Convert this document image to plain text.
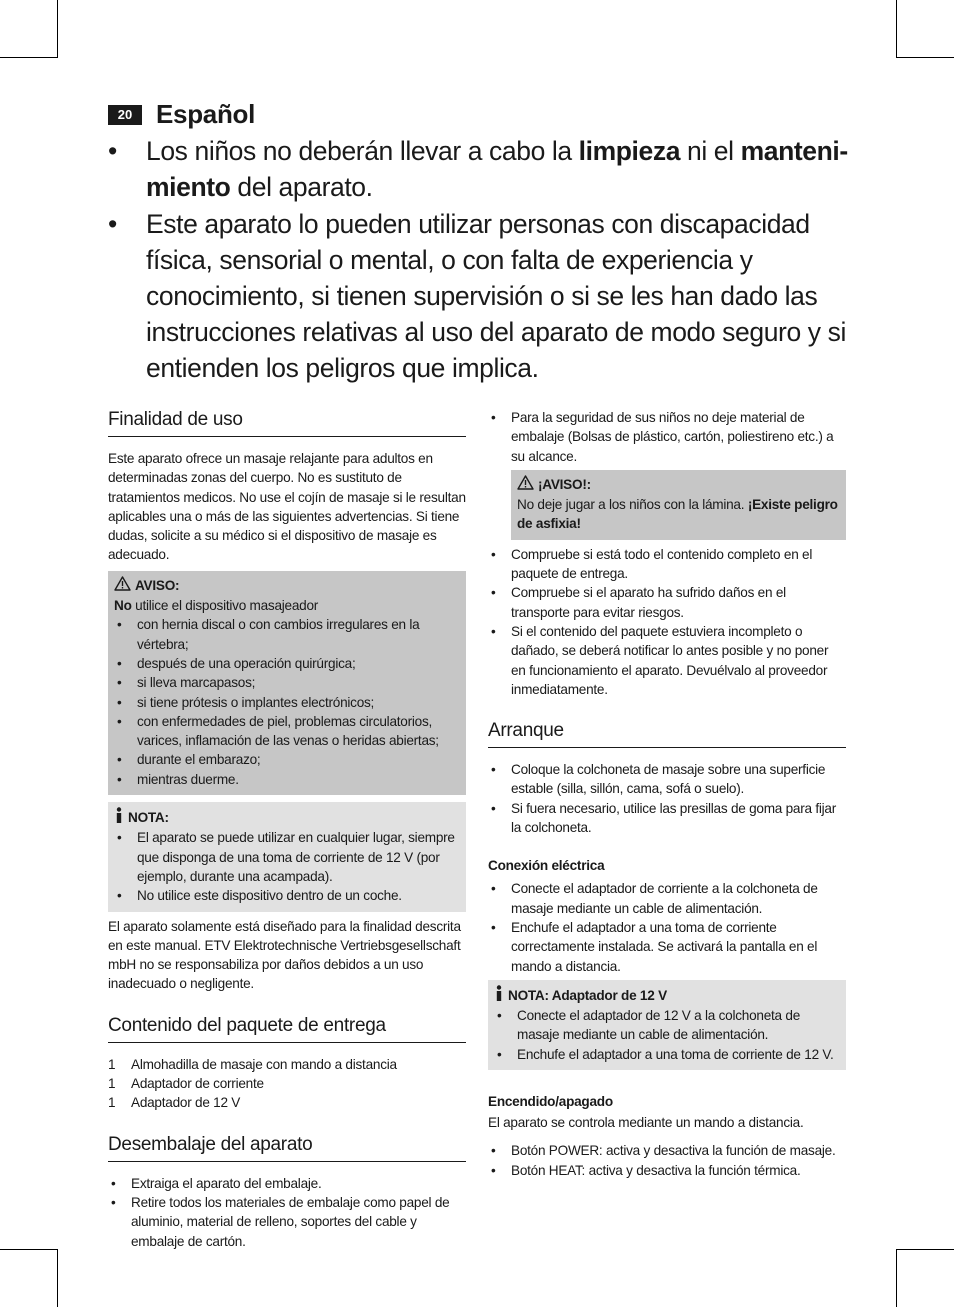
20 Español
• Los niños no deberán llevar a cabo la limpieza ni el manteni-
miento del aparato.
• Este aparato lo pueden utilizar personas con discapacidad física, sensorial o mental, o con falta de experiencia y conocimiento, si tienen supervisión o si se les han dado las instrucciones relativas al uso del aparato de modo seguro y si entienden los peligros que implica.
Finalidad de uso

Este aparato ofrece un masaje relajante para adultos en determinadas zonas del cuerpo. No es sustituto de tratamientos medicos. No use el cojín de masaje si le resultan aplicables una o más de las siguientes advertencias. Si tiene dudas, solicite a su médico si el dispositivo de masaje es adecuado.

AVISO:

No utilice el dispositivo masajeador

• con hernia discal o con cambios irregulares en la vértebra;
• después de una operación quirúrgica;
• si lleva marcapasos;
• si tiene prótesis o implantes electrónicos;
• con enfermedades de piel, problemas circulatorios, varices, inflamación de las venas o heridas abiertas;
• durante el embarazo;
• mientras duerme.
NOTA:
• El aparato se puede utilizar en cualquier lugar, siempre que disponga de una toma de corriente de 12 V (por ejemplo, durante una acampada).
• No utilice este dispositivo dentro de un coche.

El aparato solamente está diseñado para la finalidad descrita en este manual. ETV Elektrotechnische Vertriebsgesellschaft mbH no se responsabiliza por daños debidos a un uso inadecuado o negligente.

Contenido del paquete de entrega
1	Almohadilla de masaje con mando a distancia
1	Adaptador de corriente
1	Adaptador de 12 V
Desembalaje del aparato
• Extraiga el aparato del embalaje.
• Retire todos los materiales de embalaje como papel de aluminio, material de relleno, soportes del cable y embalaje de cartón.
• Para la seguridad de sus niños no deje material de embalaje (Bolsas de plástico, cartón, poliestireno etc.) a su alcance.
¡AVISO!:

No deje jugar a los niños con la lámina. ¡Existe peligro de asfixia!

• Compruebe si está todo el contenido completo en el paquete de entrega.
• Compruebe si el aparato ha sufrido daños en el transporte para evitar riesgos.
• Si el contenido del paquete estuviera incompleto o dañado, se deberá notificar lo antes posible y no poner en funcionamiento el aparato. Devuélvalo al proveedor inmediatamente.
Arranque
• Coloque la colchoneta de masaje sobre una superficie estable (silla, sillón, cama, sofá o suelo).
• Si fuera necesario, utilice las presillas de goma para fijar la colchoneta.
Conexión eléctrica
• Conecte el adaptador de corriente a la colchoneta de masaje mediante un cable de alimentación.
• Enchufe el adaptador a una toma de corriente correctamente instalada. Se activará la pantalla en el mando a distancia.
NOTA: Adaptador de 12 V
• Conecte el adaptador de 12 V a la colchoneta de masaje mediante un cable de alimentación.
• Enchufe el adaptador a una toma de corriente de 12 V.
Encendido/apagado

El aparato se controla mediante un mando a distancia.

• Botón POWER: activa y desactiva la función de masaje.
• Botón HEAT: activa y desactiva la función térmica.
